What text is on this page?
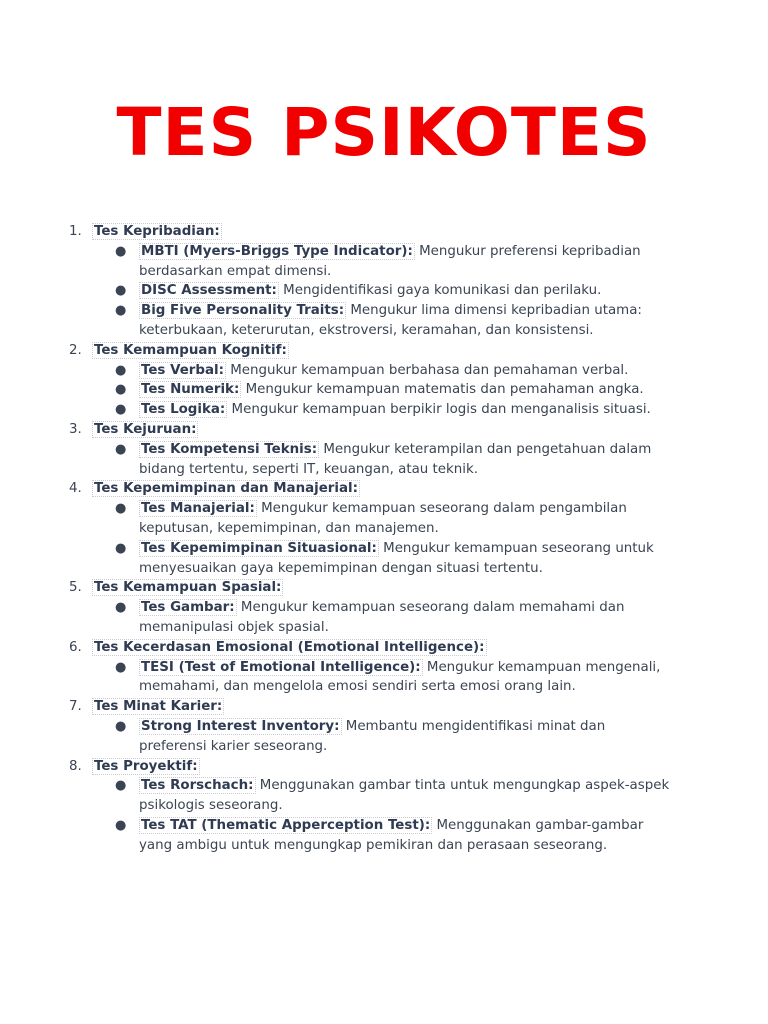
TES PSIKOTES
1. Tes Kepribadian:
● MBTI (Myers-Briggs Type Indicator): Mengukur preferensi kepribadian berdasarkan empat dimensi.
● DISC Assessment: Mengidentifikasi gaya komunikasi dan perilaku.
● Big Five Personality Traits: Mengukur lima dimensi kepribadian utama: keterbukaan, keterurutan, ekstroversi, keramahan, dan konsistensi.
2. Tes Kemampuan Kognitif:
● Tes Verbal: Mengukur kemampuan berbahasa dan pemahaman verbal.
● Tes Numerik: Mengukur kemampuan matematis dan pemahaman angka.
● Tes Logika: Mengukur kemampuan berpikir logis dan menganalisis situasi.
3. Tes Kejuruan:
● Tes Kompetensi Teknis: Mengukur keterampilan dan pengetahuan dalam bidang tertentu, seperti IT, keuangan, atau teknik.
4. Tes Kepemimpinan dan Manajerial:
● Tes Manajerial: Mengukur kemampuan seseorang dalam pengambilan keputusan, kepemimpinan, dan manajemen.
● Tes Kepemimpinan Situasional: Mengukur kemampuan seseorang untuk menyesuaikan gaya kepemimpinan dengan situasi tertentu.
5. Tes Kemampuan Spasial:
● Tes Gambar: Mengukur kemampuan seseorang dalam memahami dan memanipulasi objek spasial.
6. Tes Kecerdasan Emosional (Emotional Intelligence):
● TESI (Test of Emotional Intelligence): Mengukur kemampuan mengenali, memahami, dan mengelola emosi sendiri serta emosi orang lain.
7. Tes Minat Karier:
● Strong Interest Inventory: Membantu mengidentifikasi minat dan preferensi karier seseorang.
8. Tes Proyektif:
● Tes Rorschach: Menggunakan gambar tinta untuk mengungkap aspek-aspek psikologis seseorang.
● Tes TAT (Thematic Apperception Test): Menggunakan gambar-gambar yang ambigu untuk mengungkap pemikiran dan perasaan seseorang.
